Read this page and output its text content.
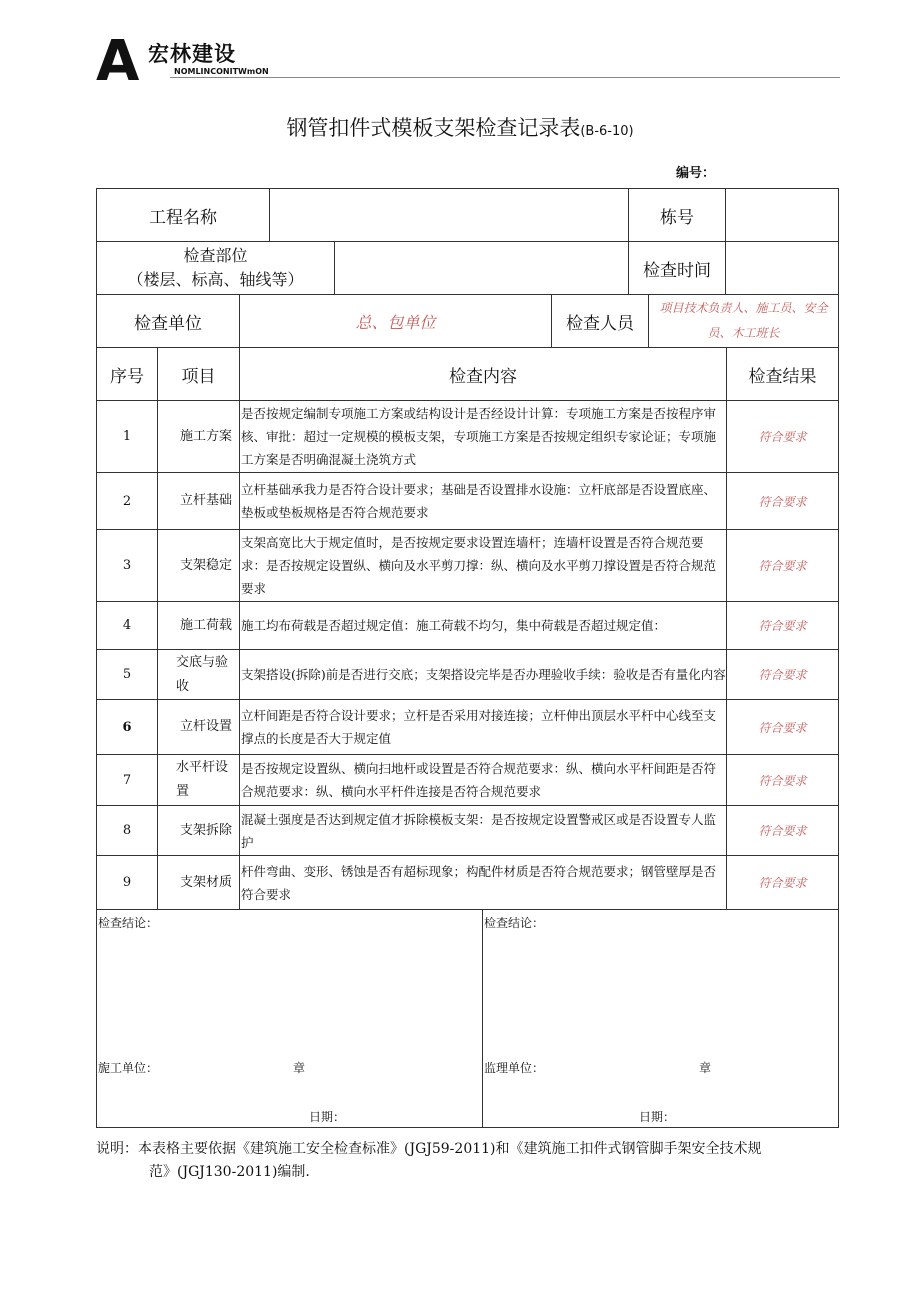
A 宏林建设
NOMLINCONITWmON
钢管扣件式模板支架检查记录表(B-6-10)
编号：
工程名称		栋号	
检查部位
（楼层、标高、轴线等）		检查时间	
检查单位	总、包单位	检查人员	项目技术负责人、施工员、安全员、木工班长
序号	项目	检查内容	检查结果
1	施工方案	是否按规定编制专项施工方案或结构设计是否经设计计算：专项施工方案是否按程序审核、审批：超过一定规模的模板支架，专项施工方案是否按规定组织专家论证；专项施工方案是否明确混凝土浇筑方式	符合要求
2	立杆基础	立杆基础承我力是否符合设计要求；基础是否设置排水设施：立杆底部是否设置底座、垫板或垫板规格是否符合规范要求	符合要求
3	支架稳定	支架高宽比大于规定值时，是否按规定要求设置连墙杆；连墙杆设置是否符合规范要求：是否按规定设置纵、横向及水平剪刀撑：纵、横向及水平剪刀撑设置是否符合规范要求	符合要求
4	施工荷载	施工均布荷载是否超过规定值：施工荷载不均匀，集中荷载是否超过规定值：	符合要求
5	交底与验收	支架搭设(拆除)前是否进行交底；支架搭设完毕是否办理验收手续：验收是否有量化内容	符合要求
6	立杆设置	立杆间距是否符合设计要求；立杆是否采用对接连接；立杆伸出顶层水平杆中心线至支撑点的长度是否大于规定值	符合要求
7	水平杆设置	是否按规定设置纵、横向扫地杆或设置是否符合规范要求：纵、横向水平杆间距是否符合规范要求：纵、横向水平杆件连接是否符合规范要求	符合要求
8	支架拆除	混凝土强度是否达到规定值才拆除模板支架：是否按规定设置警戒区或是否设置专人监护	符合要求
9	支架材质	杆件弯曲、变形、锈蚀是否有超标现象；构配件材质是否符合规范要求；钢管壁厚是否符合要求	符合要求
检查结论：
旎工单位：	章
日期：

检查结论：
监理单位：	章
日期：
说明：本表格主要依据《建筑施工安全检查标准》(JGJ59-2011)和《建筑施工扣件式钢管脚手架安全技术规
范》(JGJ130-2011)编制.
